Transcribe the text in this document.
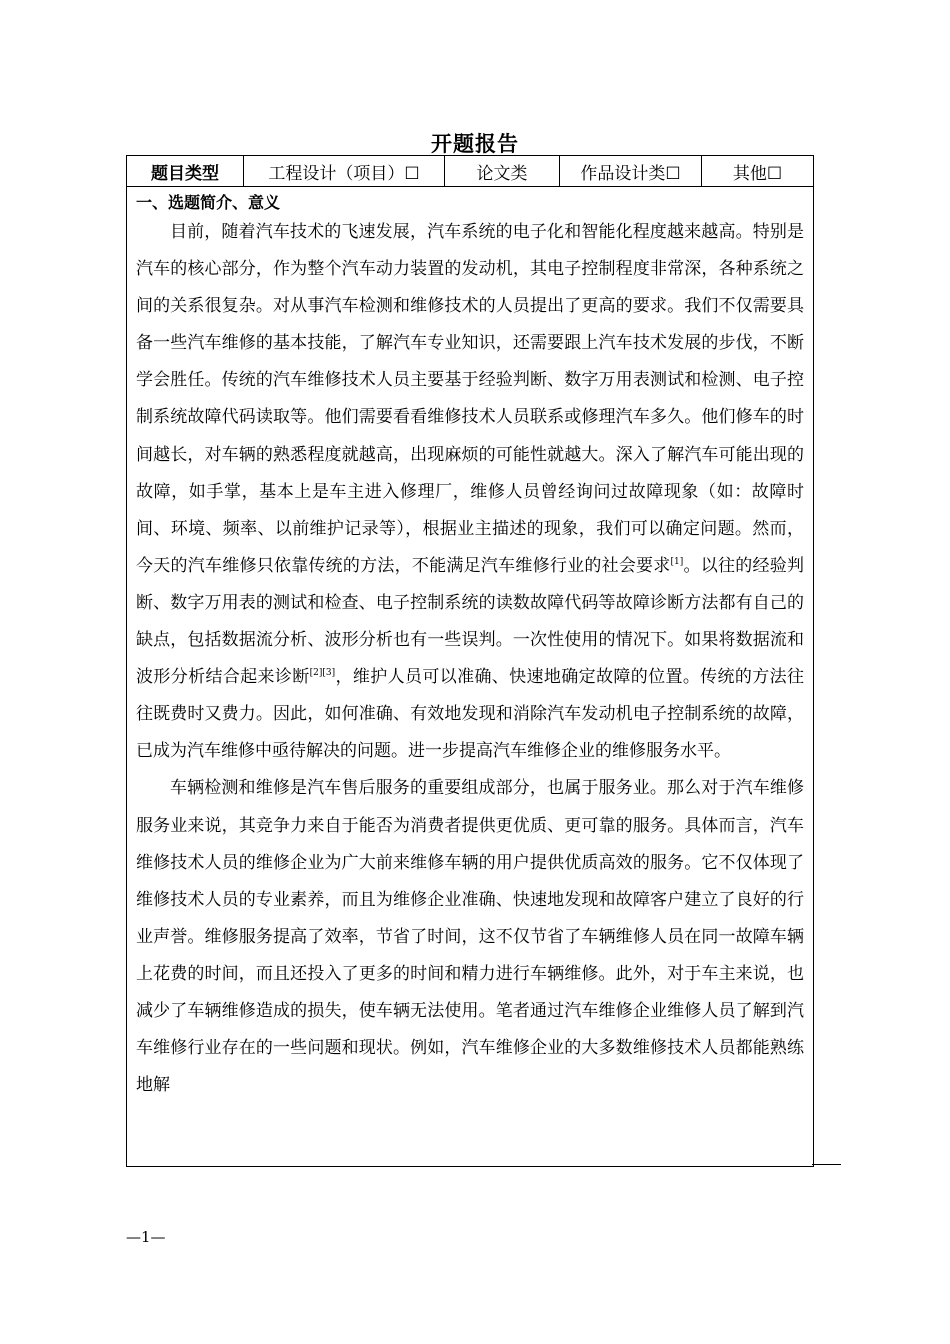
开题报告
题目类型	工程设计（项目）☐	论文类	作品设计类☐	其他☐
一、选题简介、意义

目前，随着汽车技术的飞速发展，汽车系统的电子化和智能化程度越来越高。特别是汽车的核心部分，作为整个汽车动力装置的发动机，其电子控制程度非常深，各种系统之间的关系很复杂。对从事汽车检测和维修技术的人员提出了更高的要求。我们不仅需要具备一些汽车维修的基本技能，了解汽车专业知识，还需要跟上汽车技术发展的步伐，不断学会胜任。传统的汽车维修技术人员主要基于经验判断、数字万用表测试和检测、电子控制系统故障代码读取等。他们需要看看维修技术人员联系或修理汽车多久。他们修车的时间越长，对车辆的熟悉程度就越高，出现麻烦的可能性就越大。深入了解汽车可能出现的故障，如手掌，基本上是车主进入修理厂，维修人员曾经询问过故障现象（如：故障时间、环境、频率、以前维护记录等），根据业主描述的现象，我们可以确定问题。然而，今天的汽车维修只依靠传统的方法，不能满足汽车维修行业的社会要求[1]。以往的经验判断、数字万用表的测试和检查、电子控制系统的读数故障代码等故障诊断方法都有自己的缺点，包括数据流分析、波形分析也有一些误判。一次性使用的情况下。如果将数据流和波形分析结合起来诊断[2][3]，维护人员可以准确、快速地确定故障的位置。传统的方法往往既费时又费力。因此，如何准确、有效地发现和消除汽车发动机电子控制系统的故障，已成为汽车维修中亟待解决的问题。进一步提高汽车维修企业的维修服务水平。

车辆检测和维修是汽车售后服务的重要组成部分，也属于服务业。那么对于汽车维修服务业来说，其竞争力来自于能否为消费者提供更优质、更可靠的服务。具体而言，汽车维修技术人员的维修企业为广大前来维修车辆的用户提供优质高效的服务。它不仅体现了维修技术人员的专业素养，而且为维修企业准确、快速地发现和故障客户建立了良好的行业声誉。维修服务提高了效率，节省了时间，这不仅节省了车辆维修人员在同一故障车辆上花费的时间，而且还投入了更多的时间和精力进行车辆维修。此外，对于车主来说，也减少了车辆维修造成的损失，使车辆无法使用。笔者通过汽车维修企业维修人员了解到汽车维修行业存在的一些问题和现状。例如，汽车维修企业的大多数维修技术人员都能熟练地解

—1—
